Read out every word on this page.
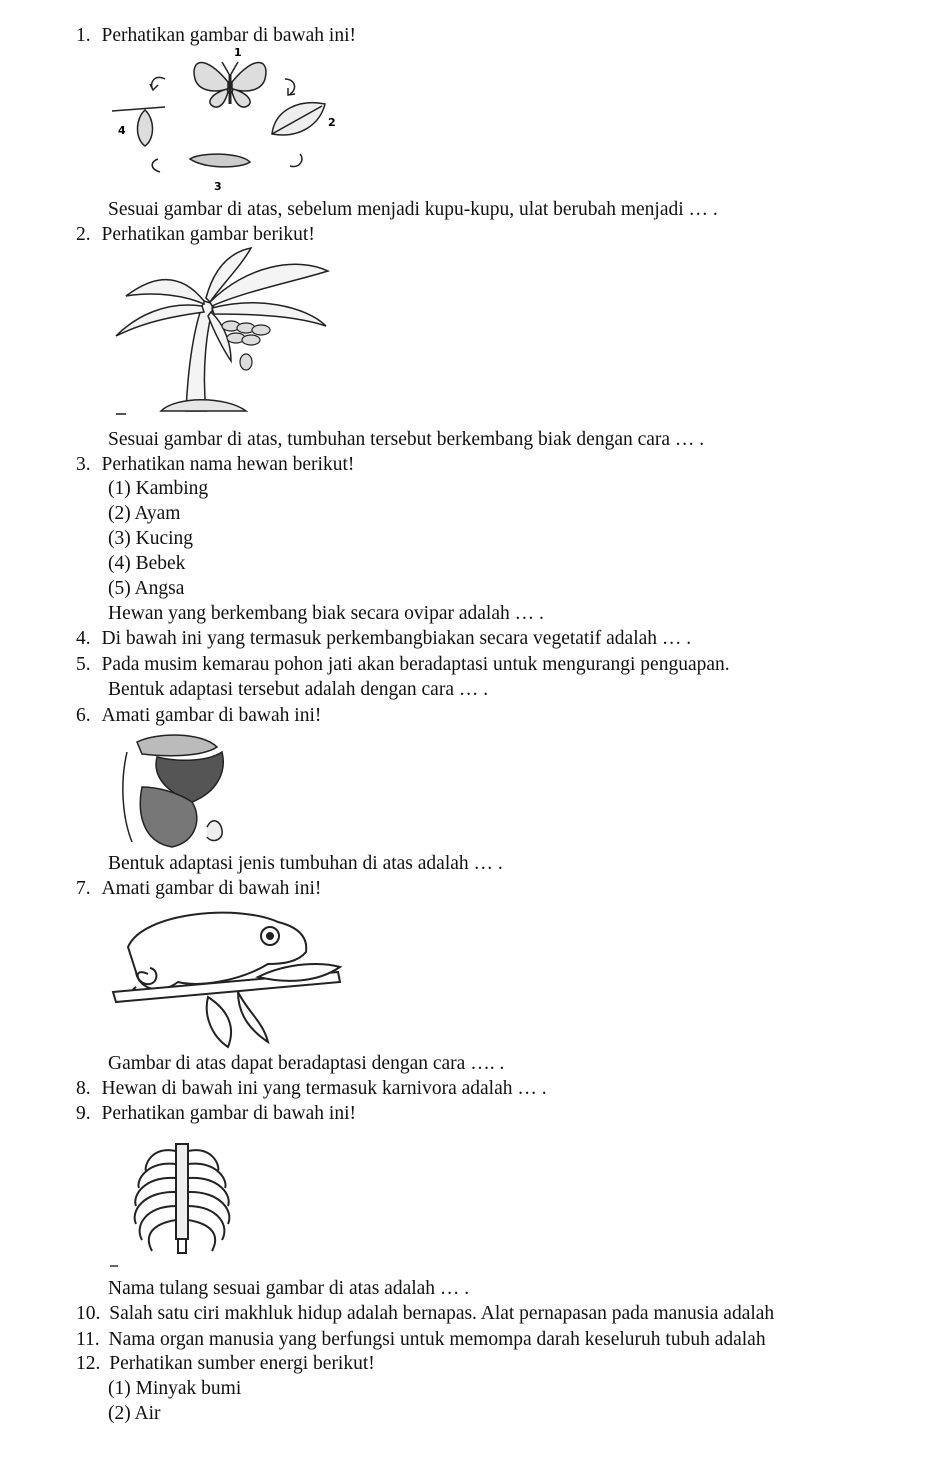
1. Perhatikan gambar di bawah ini!
1
2
3
4
Sesuai gambar di atas, sebelum menjadi kupu-kupu, ulat berubah menjadi … .
2. Perhatikan gambar berikut!
Sesuai gambar di atas, tumbuhan tersebut berkembang biak dengan cara … .
3. Perhatikan nama hewan berikut!
(1) Kambing
(2) Ayam
(3) Kucing
(4) Bebek
(5) Angsa
Hewan yang berkembang biak secara ovipar adalah … .
4. Di bawah ini yang termasuk perkembangbiakan secara vegetatif adalah … .
5. Pada musim kemarau pohon jati akan beradaptasi untuk mengurangi penguapan.
Bentuk adaptasi tersebut adalah dengan cara … .
6. Amati gambar di bawah ini!
Bentuk adaptasi jenis tumbuhan di atas adalah … .
7. Amati gambar di bawah ini!
Gambar di atas dapat beradaptasi dengan cara …. .
8. Hewan di bawah ini yang termasuk karnivora adalah … .
9. Perhatikan gambar di bawah ini!
Nama tulang sesuai gambar di atas adalah … .
10. Salah satu ciri makhluk hidup adalah bernapas. Alat pernapasan pada manusia adalah
11. Nama organ manusia yang berfungsi untuk memompa darah keseluruh tubuh adalah
12. Perhatikan sumber energi berikut!
(1) Minyak bumi
(2) Air
